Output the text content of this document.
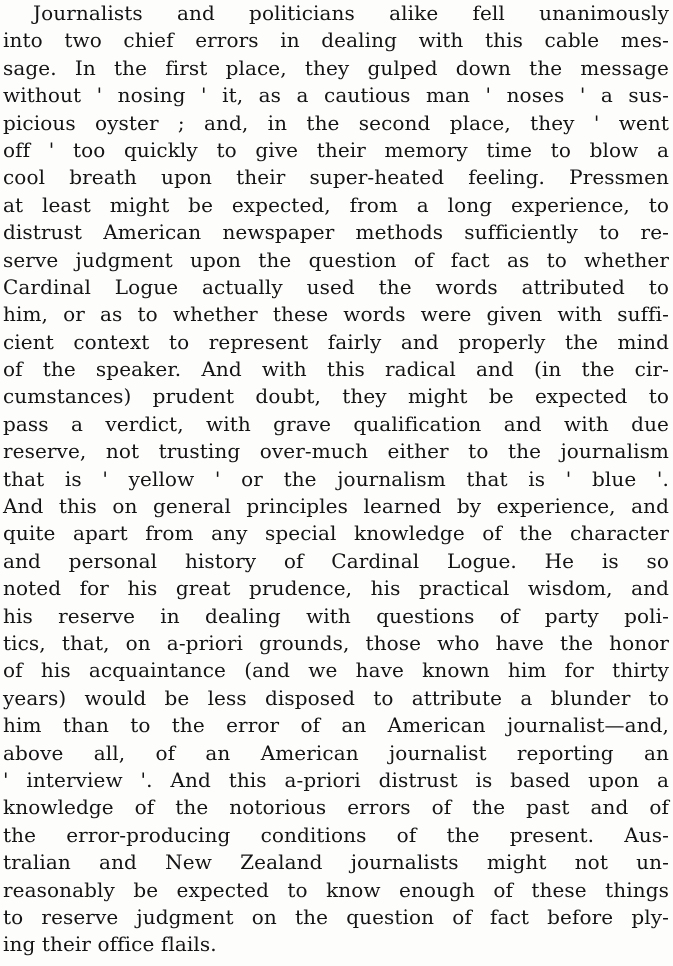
Journalists and politicians alike fell unanimously
into two chief errors in dealing with this cable mes-
sage. In the first place, they gulped down the message
without ' nosing ' it, as a cautious man ' noses ' a sus-
picious oyster ; and, in the second place, they ' went
off ' too quickly to give their memory time to blow a
cool breath upon their super-heated feeling. Pressmen
at least might be expected, from a long experience, to
distrust American newspaper methods sufficiently to re-
serve judgment upon the question of fact as to whether
Cardinal Logue actually used the words attributed to
him, or as to whether these words were given with suffi-
cient context to represent fairly and properly the mind
of the speaker. And with this radical and (in the cir-
cumstances) prudent doubt, they might be expected to
pass a verdict, with grave qualification and with due
reserve, not trusting over-much either to the journalism
that is ' yellow ' or the journalism that is ' blue '.
And this on general principles learned by experience, and
quite apart from any special knowledge of the character
and personal history of Cardinal Logue. He is so
noted for his great prudence, his practical wisdom, and
his reserve in dealing with questions of party poli-
tics, that, on a-priori grounds, those who have the honor
of his acquaintance (and we have known him for thirty
years) would be less disposed to attribute a blunder to
him than to the error of an American journalist—and,
above all, of an American journalist reporting an
' interview '. And this a-priori distrust is based upon a
knowledge of the notorious errors of the past and of
the error-producing conditions of the present. Aus-
tralian and New Zealand journalists might not un-
reasonably be expected to know enough of these things
to reserve judgment on the question of fact before ply-
ing their office flails.
